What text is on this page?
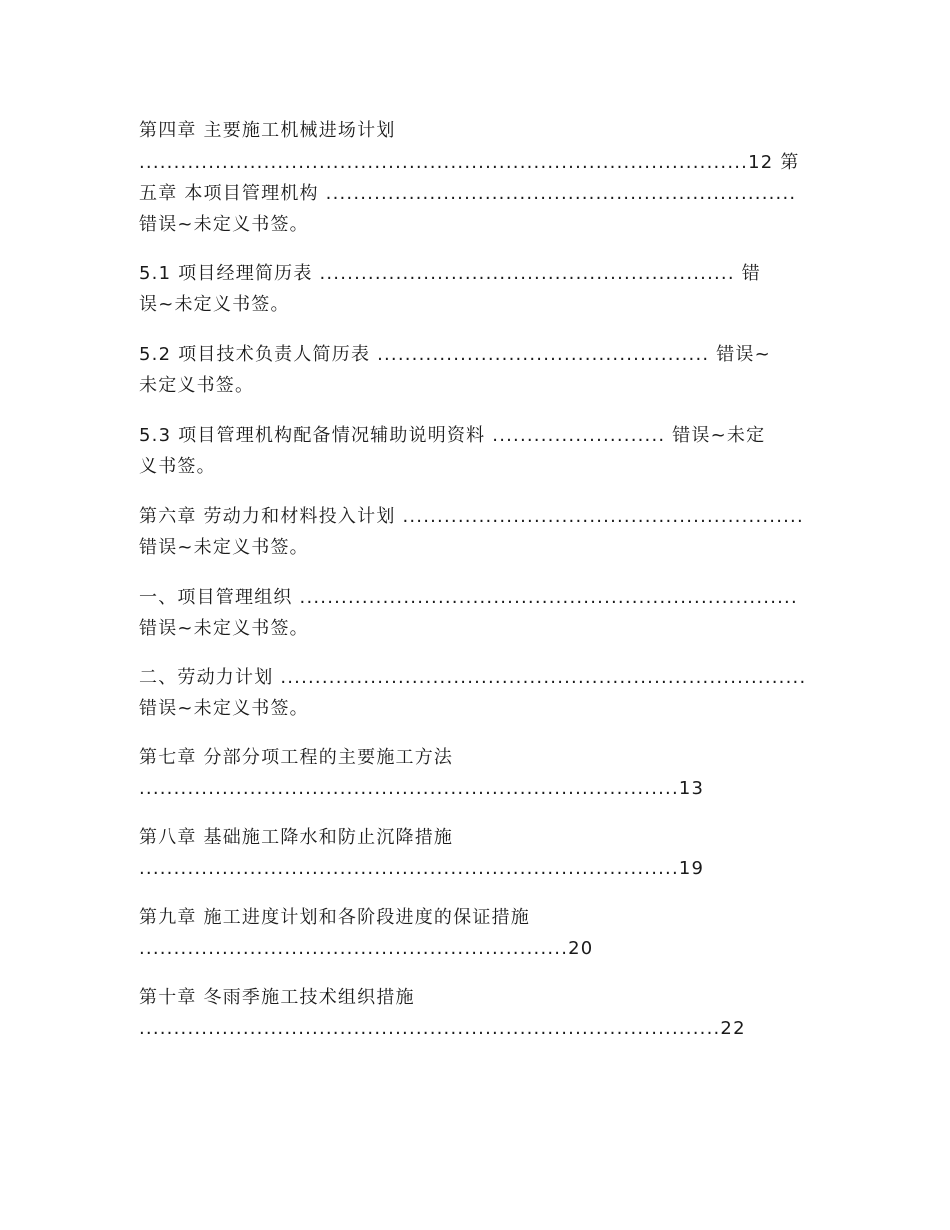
第四章 主要施工机械进场计划
........................................................................................12 第
五章 本项目管理机构 ....................................................................
错误~未定义书签。
5.1 项目经理简历表 ............................................................ 错
误~未定义书签。
5.2 项目技术负责人简历表 ................................................ 错误~
未定义书签。
5.3 项目管理机构配备情况辅助说明资料 ......................... 错误~未定
义书签。
第六章 劳动力和材料投入计划 ..........................................................
错误~未定义书签。
一、项目管理组织 ........................................................................
错误~未定义书签。
二、劳动力计划 ............................................................................
错误~未定义书签。
第七章 分部分项工程的主要施工方法
..............................................................................13
第八章 基础施工降水和防止沉降措施
..............................................................................19
第九章 施工进度计划和各阶段进度的保证措施
..............................................................20
第十章 冬雨季施工技术组织措施
....................................................................................22
